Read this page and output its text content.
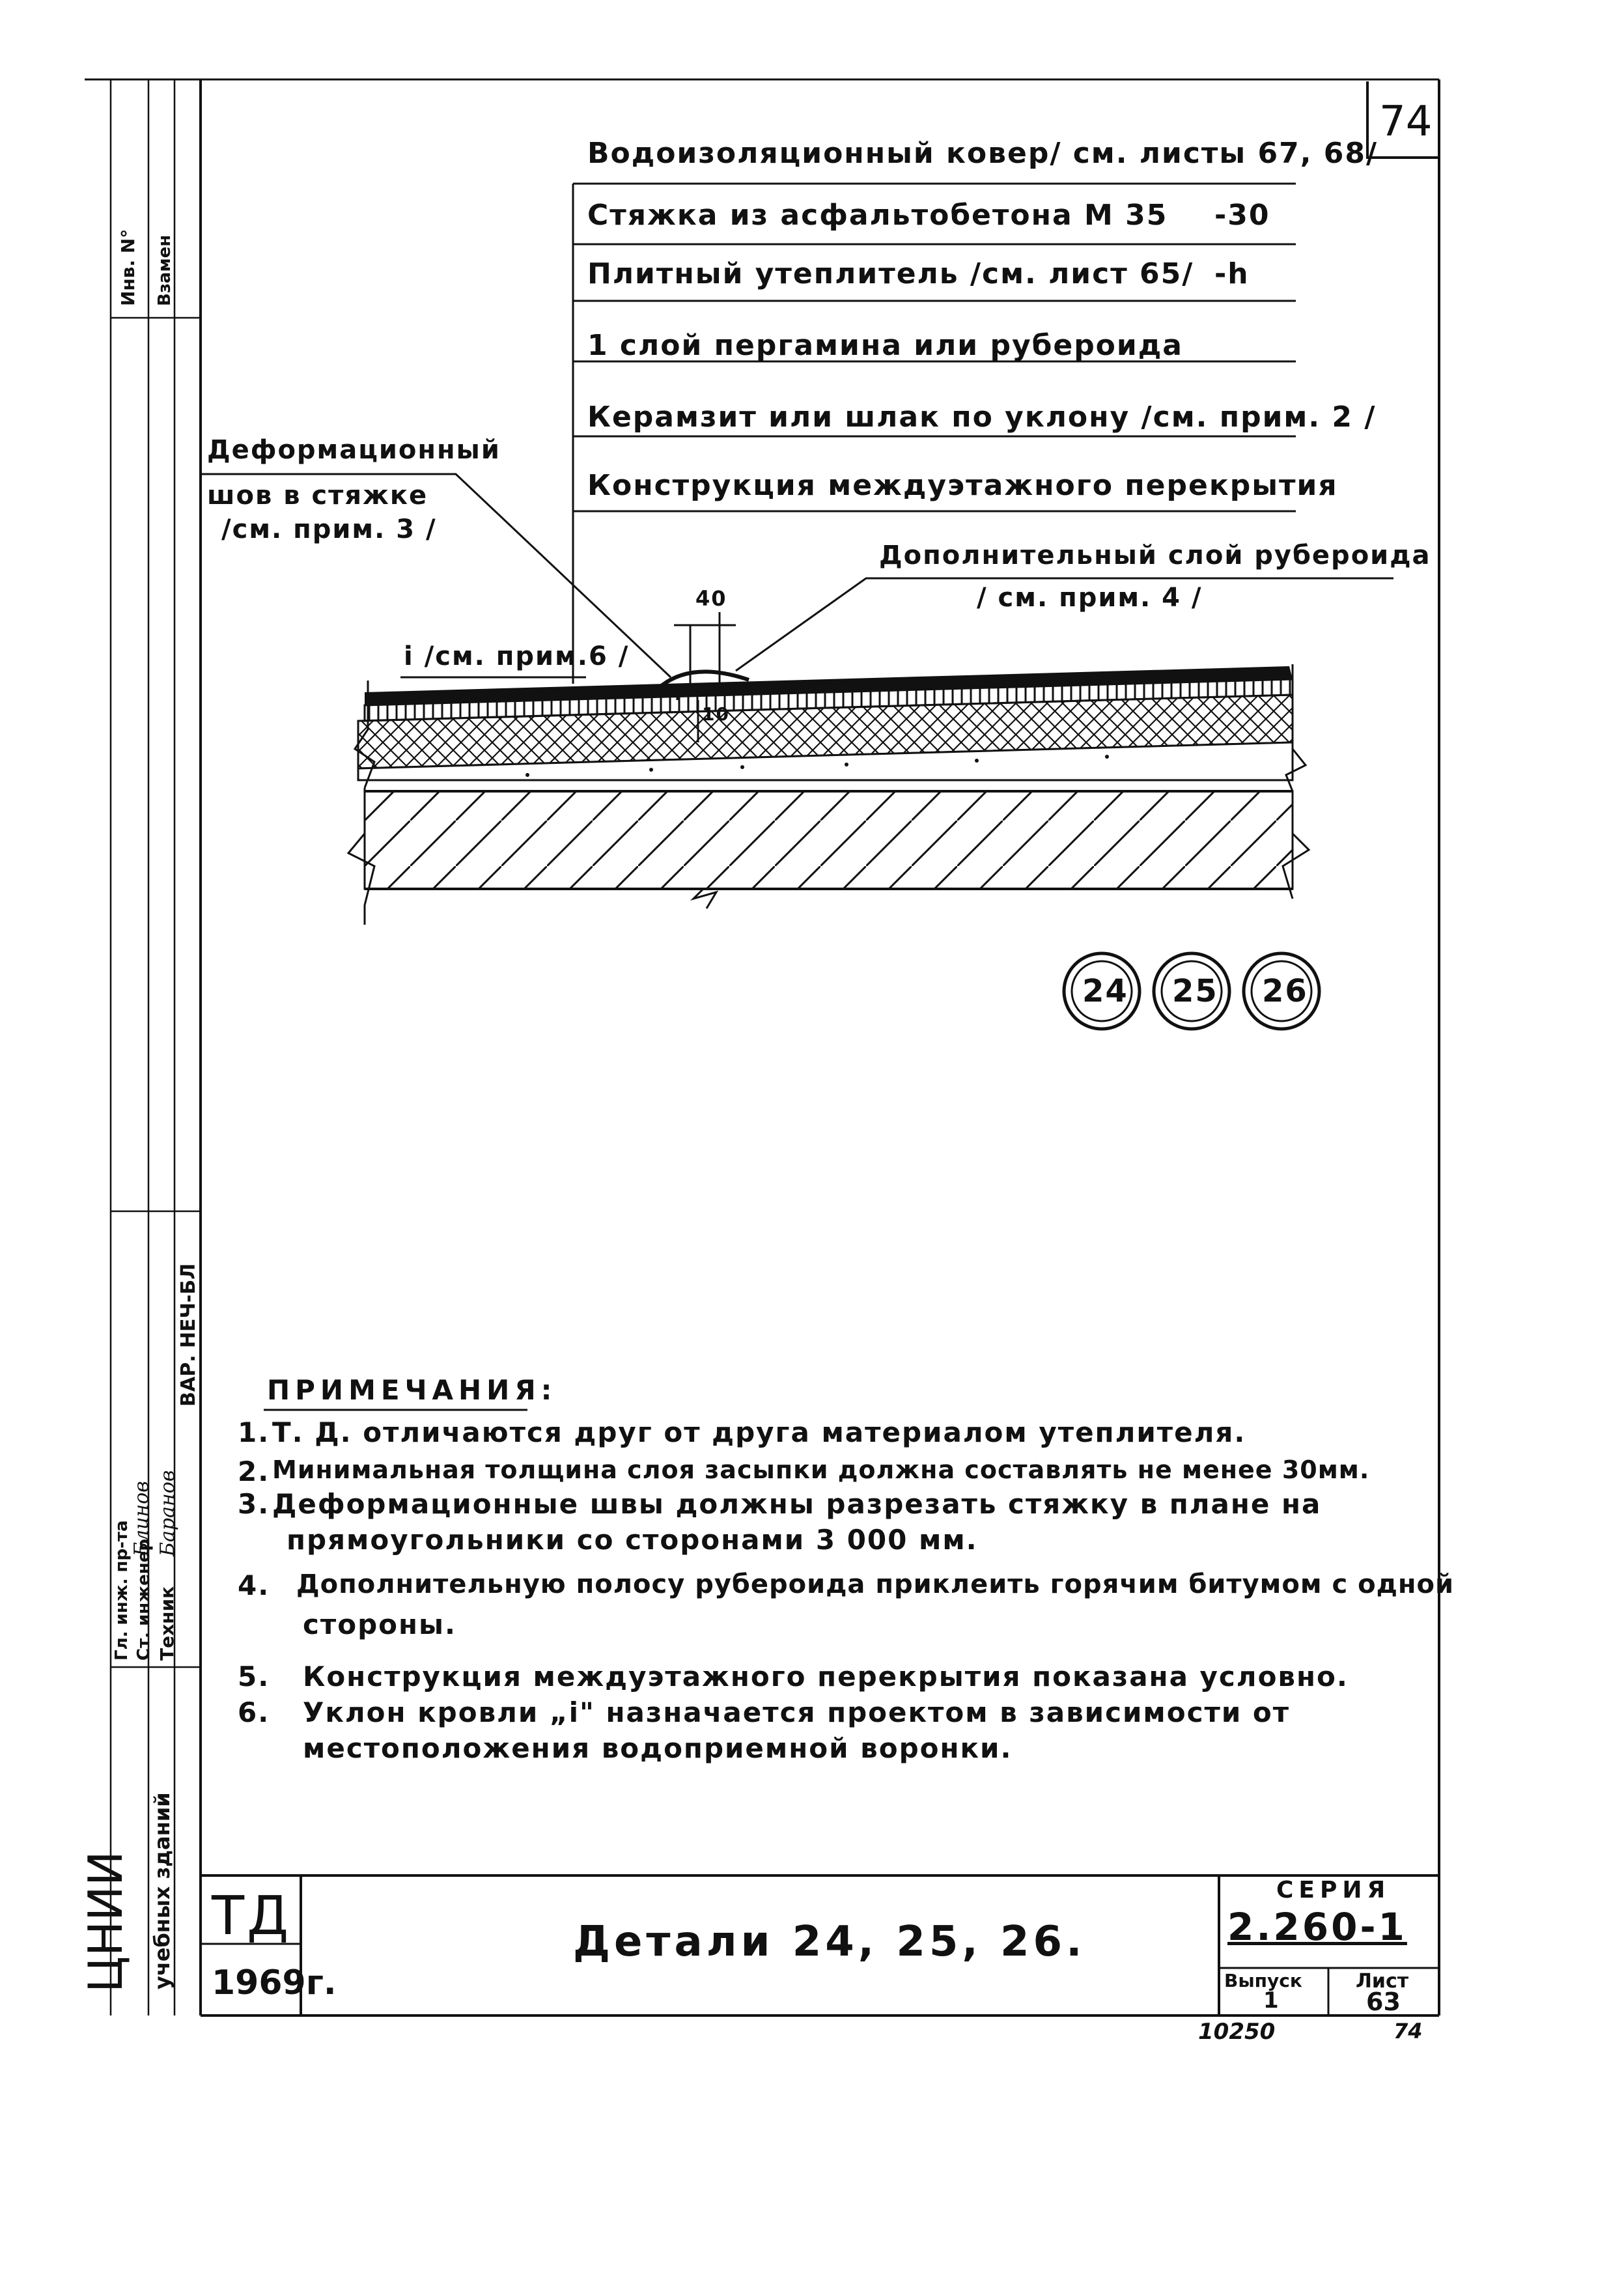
74
Водоизоляционный ковер/ см. листы 67, 68/
Стяжка из асфальтобетона М 35 -30
Плитный утеплитель /см. лист 65/ -h
1 слой пергамина или рубероида
Керамзит или шлак по уклону /см. прим. 2 /
Конструкция междуэтажного перекрытия
Деформационный
шов в стяжке
/см. прим. 3 /
Дополнительный слой рубероида
/ см. прим. 4 /
i /см. прим.6 /
40
10
24 25 26
ПРИМЕЧАНИЯ:
1. Т. Д. отличаются друг от друга материалом утеплителя.
2. Минимальная толщина слоя засыпки должна составлять не менее 30мм.
3. Деформационные швы должны разрезать стяжку в плане на
прямоугольники со сторонами 3 000 мм.
4. Дополнительную полосу рубероида приклеить горячим битумом с одной
стороны.
5. Конструкция междуэтажного перекрытия показана условно.
6. Уклон кровли „i" назначается проектом в зависимости от
местоположения водоприемной воронки.
Инв. N° Взамен
Гл. инж. пр-та Ст. инженер Техник
Блинов Баранов
ВАР. НЕЧ-БЛ
ЦНИИ учебных зданий ТД
1969г.
Детали 24, 25, 26.
СЕРИЯ
2.260-1
Выпуск
1
Лист
63
10250	74
